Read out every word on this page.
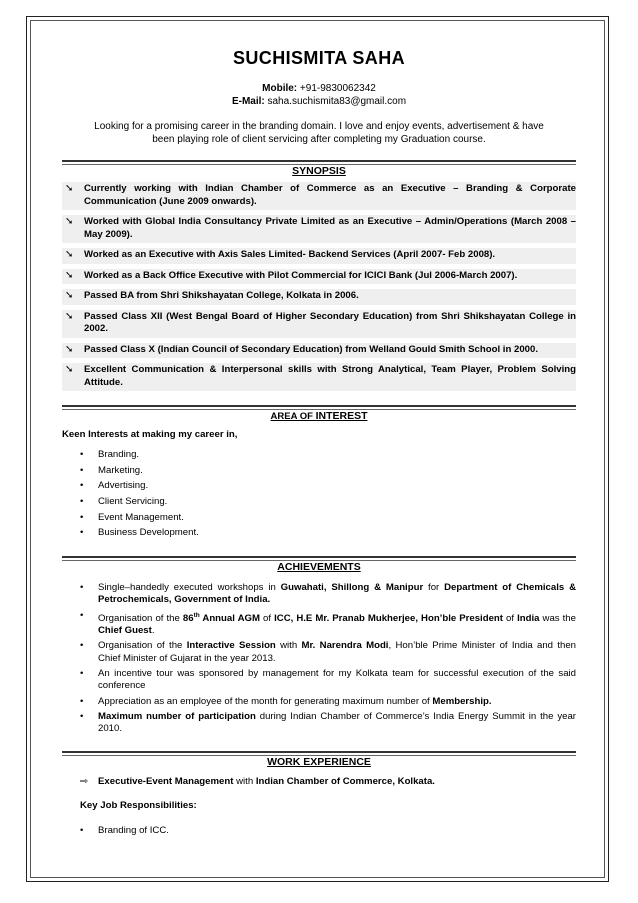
SUCHISMITA SAHA
Mobile: +91-9830062342
E-Mail: saha.suchismita83@gmail.com

Looking for a promising career in the branding domain. I love and enjoy events, advertisement & have been playing role of client servicing after completing my Graduation course.

SYNOPSIS
➘ Currently working with Indian Chamber of Commerce as an Executive – Branding & Corporate Communication (June 2009 onwards).
➘ Worked with Global India Consultancy Private Limited as an Executive – Admin/Operations (March 2008 – May 2009).
➘ Worked as an Executive with Axis Sales Limited- Backend Services (April 2007- Feb 2008).
➘ Worked as a Back Office Executive with Pilot Commercial for ICICI Bank (Jul 2006-March 2007).
➘ Passed BA from Shri Shikshayatan College, Kolkata in 2006.
➘ Passed Class XII (West Bengal Board of Higher Secondary Education) from Shri Shikshayatan College in 2002.
➘ Passed Class X (Indian Council of Secondary Education) from Welland Gould Smith School in 2000.
➘ Excellent Communication & Interpersonal skills with Strong Analytical, Team Player, Problem Solving Attitude.
AREA OF INTEREST
Keen Interests at making my career in,
• Branding.
• Marketing.
• Advertising.
• Client Servicing.
• Event Management.
• Business Development.
ACHIEVEMENTS
• Single–handedly executed workshops in Guwahati, Shillong & Manipur for Department of Chemicals & Petrochemicals, Government of India.
• Organisation of the 86th Annual AGM of ICC, H.E Mr. Pranab Mukherjee, Hon’ble President of India was the Chief Guest.
• Organisation of the Interactive Session with Mr. Narendra Modi, Hon’ble Prime Minister of India and then Chief Minister of Gujarat in the year 2013.
• An incentive tour was sponsored by management for my Kolkata team for successful execution of the said conference
• Appreciation as an employee of the month for generating maximum number of Membership.
• Maximum number of participation during Indian Chamber of Commerce’s India Energy Summit in the year 2010.
WORK EXPERIENCE
⇨ Executive-Event Management with Indian Chamber of Commerce, Kolkata.
Key Job Responsibilities:
• Branding of ICC.
